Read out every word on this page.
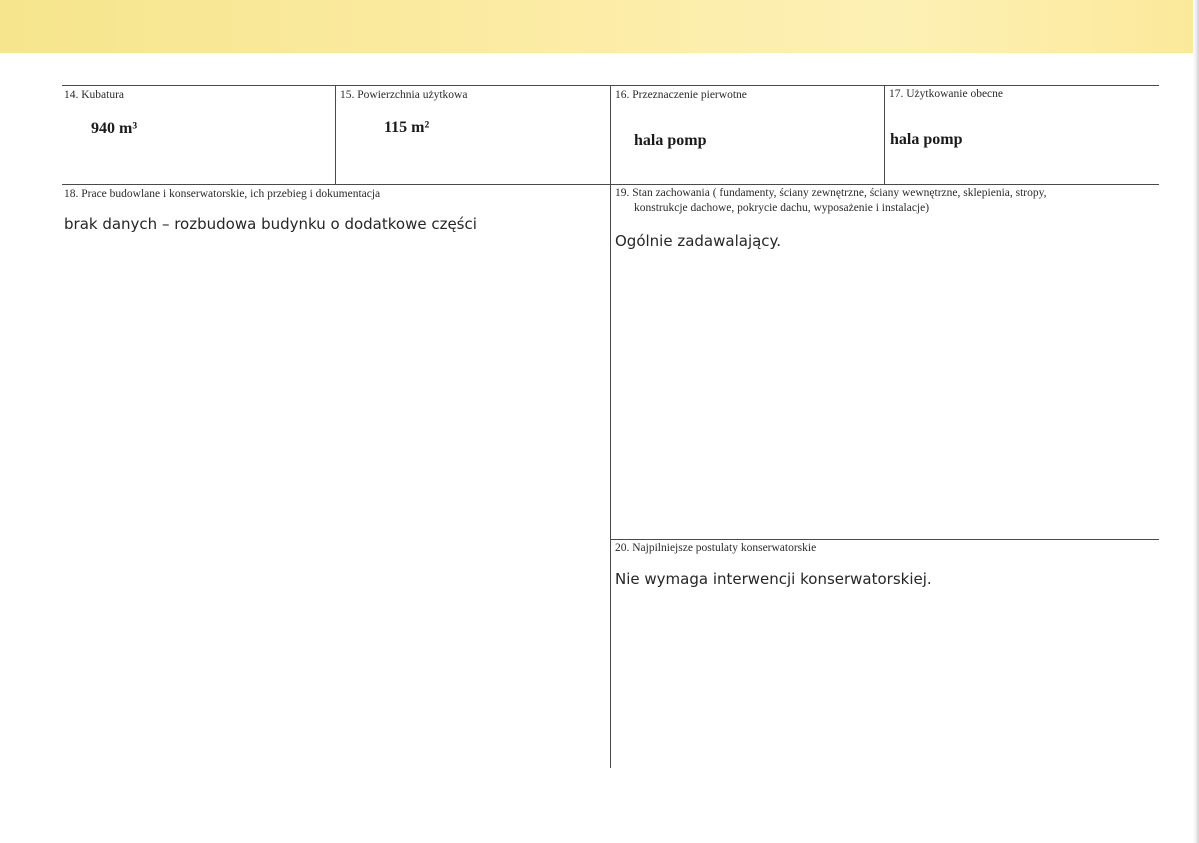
14. Kubatura
940 m³
15. Powierzchnia użytkowa
115 m²
16. Przeznaczenie pierwotne
hala pomp
17. Użytkowanie obecne
hala pomp
18. Prace budowlane i konserwatorskie, ich przebieg i dokumentacja
brak danych – rozbudowa budynku o dodatkowe części
19. Stan zachowania ( fundamenty, ściany zewnętrzne, ściany wewnętrzne, sklepienia, stropy,
konstrukcje dachowe, pokrycie dachu, wyposażenie i instalacje)
Ogólnie zadawalający.
20. Najpilniejsze postulaty konserwatorskie
Nie wymaga interwencji konserwatorskiej.
